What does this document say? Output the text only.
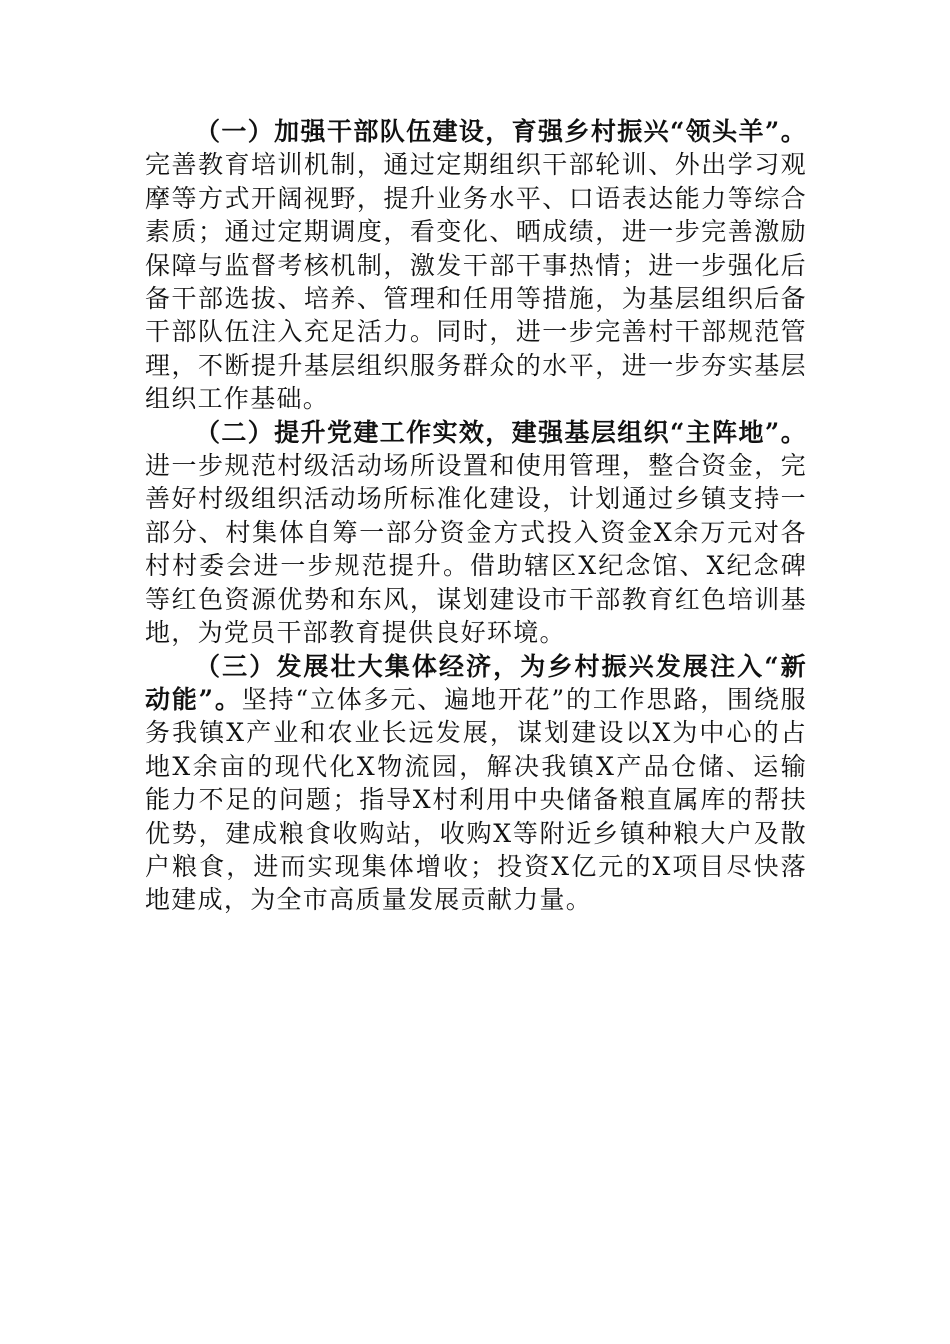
（一）加强干部队伍建设，育强乡村振兴“领头羊”。完善教育培训机制，通过定期组织干部轮训、外出学习观摩等方式开阔视野，提升业务水平、口语表达能力等综合素质；通过定期调度，看变化、晒成绩，进一步完善激励保障与监督考核机制，激发干部干事热情；进一步强化后备干部选拔、培养、管理和任用等措施，为基层组织后备干部队伍注入充足活力。同时，进一步完善村干部规范管理，不断提升基层组织服务群众的水平，进一步夯实基层组织工作基础。

（二）提升党建工作实效，建强基层组织“主阵地”。进一步规范村级活动场所设置和使用管理，整合资金，完善好村级组织活动场所标准化建设，计划通过乡镇支持一部分、村集体自筹一部分资金方式投入资金X余万元对各村村委会进一步规范提升。借助辖区X纪念馆、X纪念碑等红色资源优势和东风，谋划建设市干部教育红色培训基地，为党员干部教育提供良好环境。

（三）发展壮大集体经济，为乡村振兴发展注入“新动能”。坚持“立体多元、遍地开花”的工作思路，围绕服务我镇X产业和农业长远发展，谋划建设以X为中心的占地X余亩的现代化X物流园，解决我镇X产品仓储、运输能力不足的问题；指导X村利用中央储备粮直属库的帮扶优势，建成粮食收购站，收购X等附近乡镇种粮大户及散户粮食，进而实现集体增收；投资X亿元的X项目尽快落地建成，为全市高质量发展贡献力量。
